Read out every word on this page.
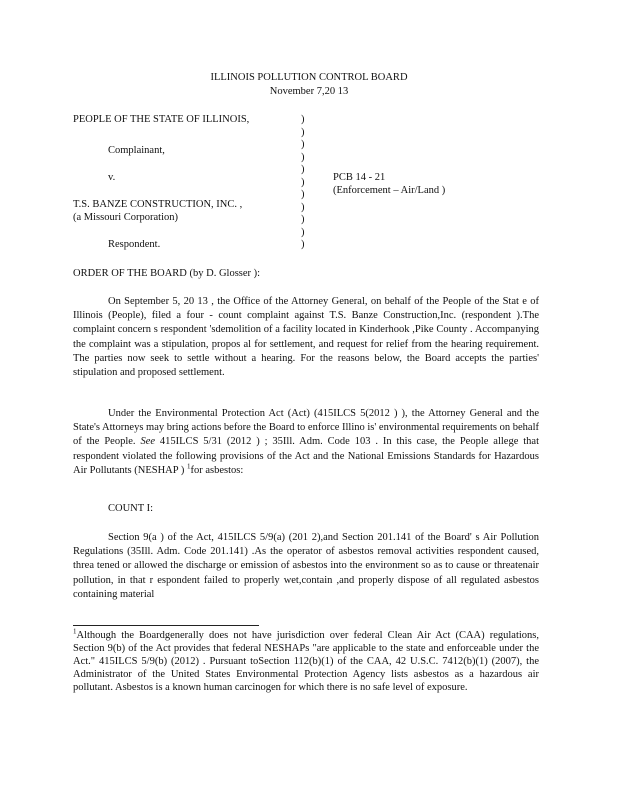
ILLINOIS POLLUTION CONTROL BOARD
November 7,20 13
PEOPLE OF THE STATE OF ILLINOIS,
Complainant,
v.
T.S. BANZE CONSTRUCTION, INC. ,
(a Missouri Corporation)
Respondent.
)
)
)
)
)
)
)
)
)
)
)
PCB 14 - 21
(Enforcement – Air/Land )
ORDER OF THE BOARD (by D. Glosser ):
On September 5, 20 13 , the Office of the Attorney General, on behalf of the People of the Stat e of Illinois (People), filed a four - count complaint against T.S. Banze Construction,Inc. (respondent ).The complaint concern s respondent 'sdemolition of a facility located in Kinderhook ,Pike County . Accompanying the complaint was a stipulation, propos al for settlement, and request for relief from the hearing requirement. The parties now seek to settle without a hearing. For the reasons below, the Board accepts the parties' stipulation and proposed settlement.
Under the Environmental Protection Act (Act) (415ILCS 5(2012 ) ), the Attorney General and the State's Attorneys may bring actions before the Board to enforce Illino is' environmental requirements on behalf of the People. See 415ILCS 5/31 (2012 ) ; 35Ill. Adm. Code 103 . In this case, the People allege that respondent violated the following provisions of the Act and the National Emissions Standards for Hazardous Air Pollutants (NESHAP ) $^1$for asbestos:
COUNT I:
Section 9(a ) of the Act, 415ILCS 5/9(a) (201 2),and Section 201.141 of the Board' s Air Pollution Regulations (35Ill. Adm. Code 201.141) .As the operator of asbestos removal activities respondent caused, threa tened or allowed the discharge or emission of asbestos into the environment so as to cause or threatenair pollution, in that r espondent failed to properly wet,contain ,and properly dispose of all regulated asbestos containing material
$^1$Although the Boardgenerally does not have jurisdiction over federal Clean Air Act (CAA) regulations, Section 9(b) of the Act provides that federal NESHAPs "are applicable to the state and enforceable under the Act." 415ILCS 5/9(b) (2012) . Pursuant toSection 112(b)(1) of the CAA, 42 U.S.C. 7412(b)(1) (2007), the Administrator of the United States Environmental Protection Agency lists asbestos as a hazardous air pollutant. Asbestos is a known human carcinogen for which there is no safe level of exposure.
